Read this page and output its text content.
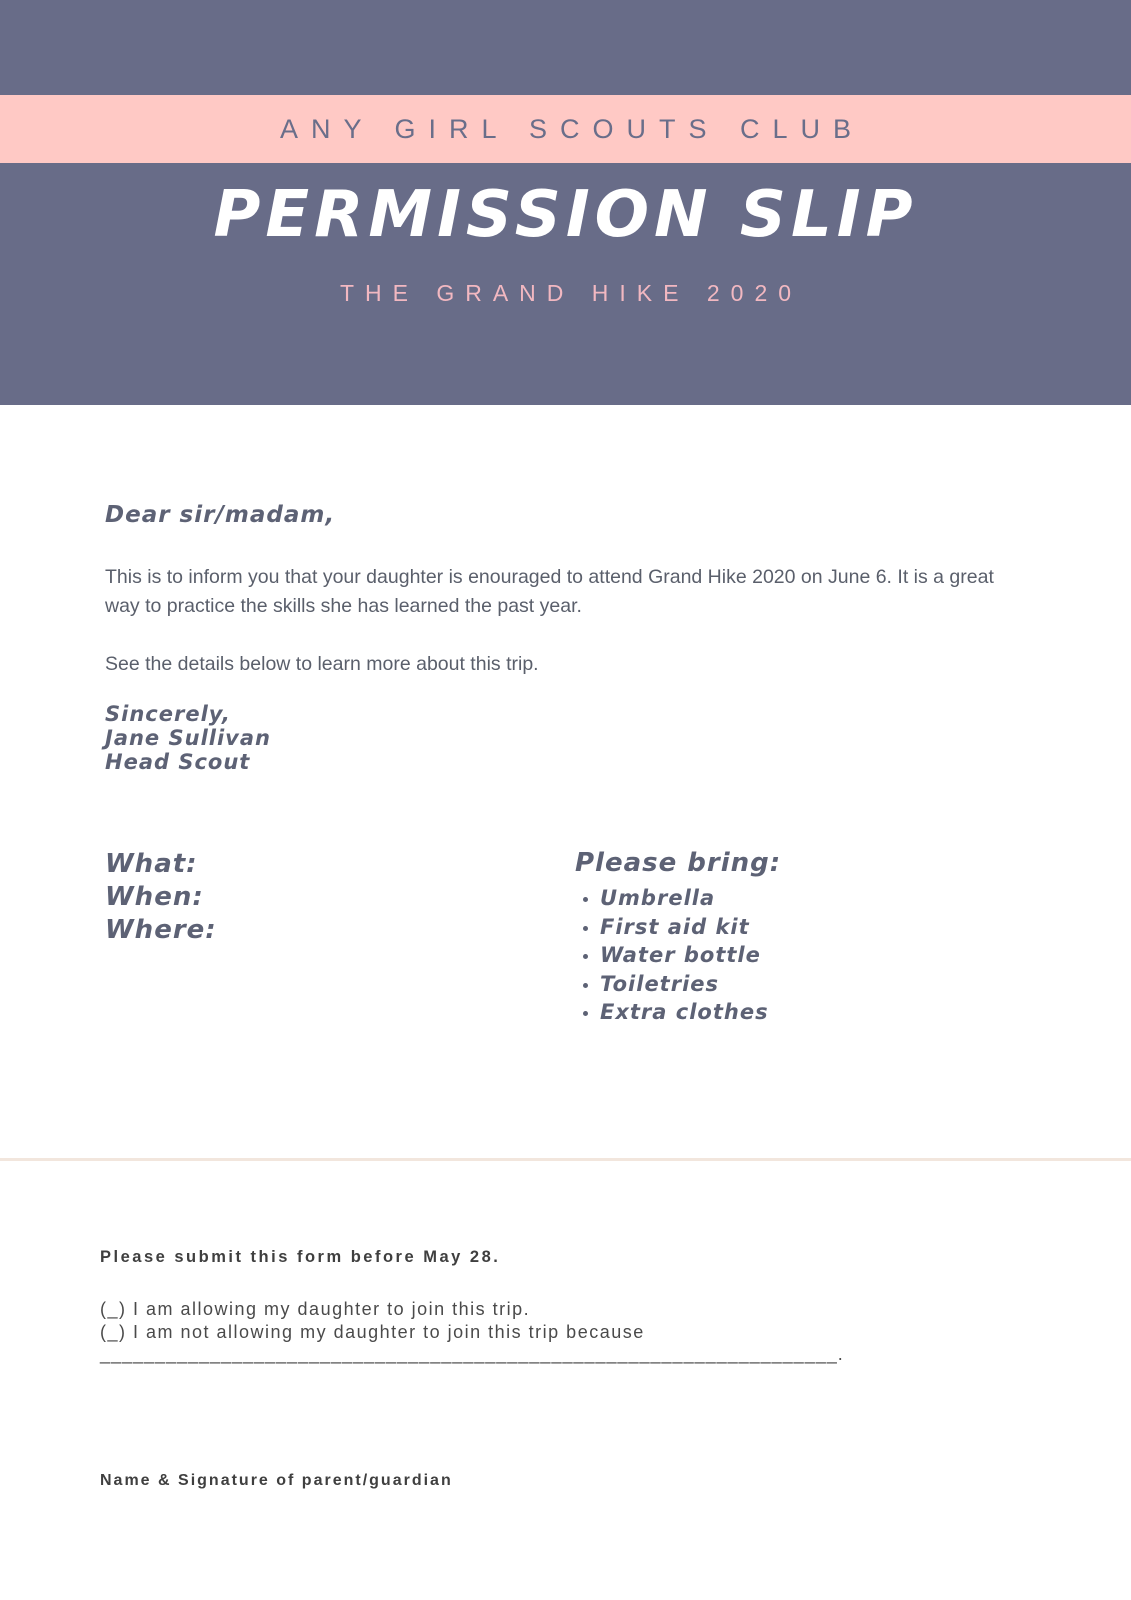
ANY GIRL SCOUTS CLUB
PERMISSION SLIP
THE GRAND HIKE 2020
Dear sir/madam,
This is to inform you that your daughter is enouraged to attend Grand Hike 2020 on June 6. It is a great way to practice the skills she has learned the past year.
See the details below to learn more about this trip.
Sincerely,
Jane Sullivan
Head Scout
What:
When:
Where:
Please bring:
• Umbrella
• First aid kit
• Water bottle
• Toiletries
• Extra clothes
Please submit this form before May 28.
(_) I am allowing my daughter to join this trip.
(_) I am not allowing my daughter to join this trip because
___________________________________________________________________.
Name & Signature of parent/guardian
